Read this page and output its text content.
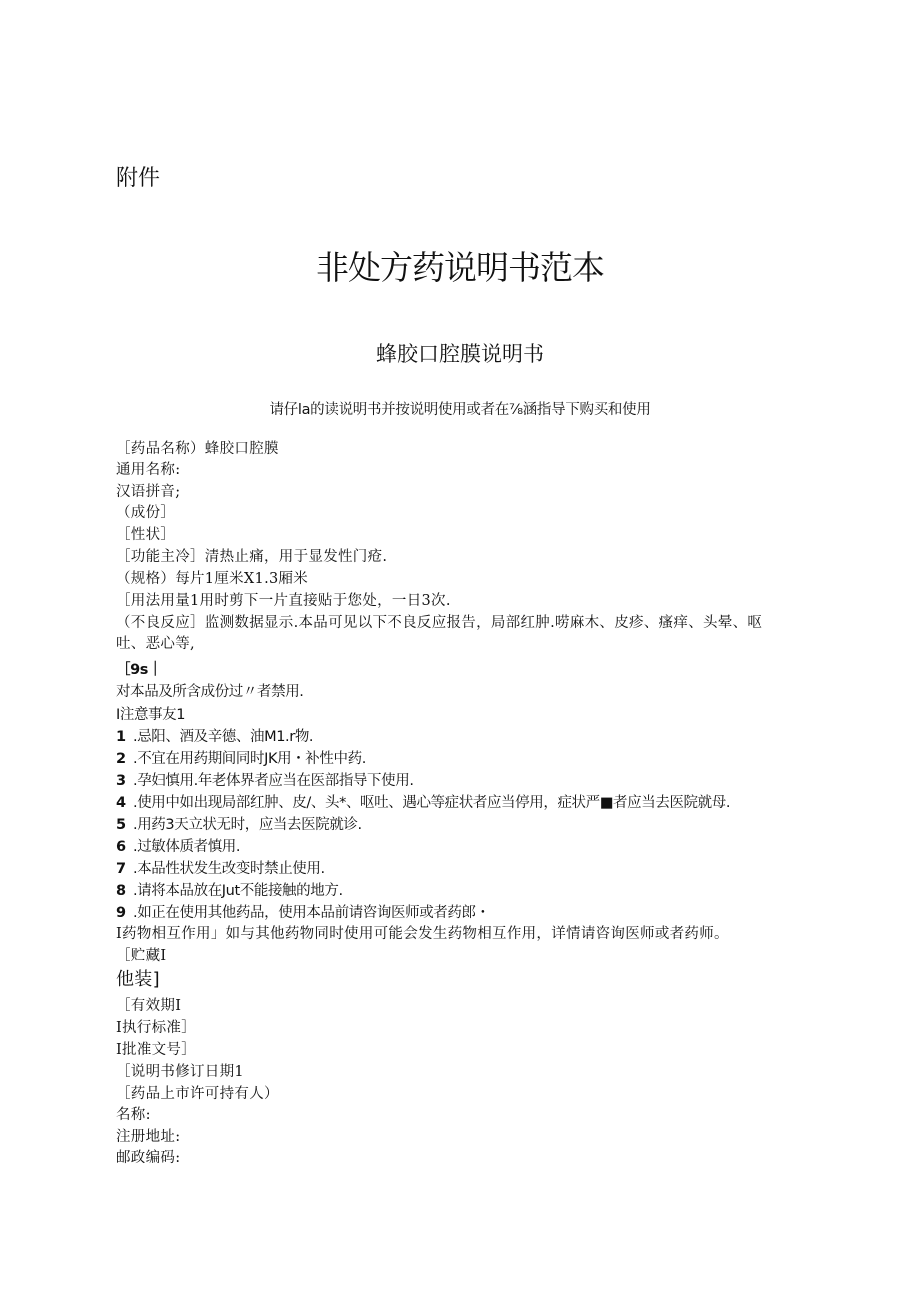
附件
非处方药说明书范本
蜂胶口腔膜说明书
请仔la的读说明书并按说明使用或者在⅞涵指导下购买和使用
［药品名称）蜂胶口腔膜
通用名称:
汉语拼音;
（成份］
［性状］
［功能主冷］清热止痛，用于显发性门疮.
（规格）每片1厘米X1.3厢米
［用法用量1用时剪下一片直接贴于您处，一日3次.
（不良反应］监测数据显示.本品可见以下不良反应报告，局部红肿.唠麻木、皮疹、瘙痒、头晕、呕
吐、恶心等,
［9s｜
对本品及所含成份过〃者禁用.
I注意事友1
1 .忌阳、酒及辛德、油M1.r物.
2 .不宜在用药期间同时JK用・补性中药.
3 .孕妇慎用.年老体界者应当在医部指导下使用.
4 .使用中如出现局部红肿、皮/、头*、呕吐、遇心等症状者应当停用，症状严■者应当去医院就母.
5 .用药3天立状无时，应当去医院就诊.
6 .过敏体质者慎用.
7 .本品性状发生改变时禁止使用.
8 .请将本品放在Jut不能接触的地方.
9 .如正在使用其他药品，使用本品前请咨询医师或者药郎・
I药物相互作用」如与其他药物同时使用可能会发生药物相互作用，详情请咨询医师或者药师。
［贮藏I
他装]
［有效期I
I执行标准］
I批准文号］
［说明书修订日期1
［药品上市许可持有人）
名称:
注册地址:
邮政编码:
